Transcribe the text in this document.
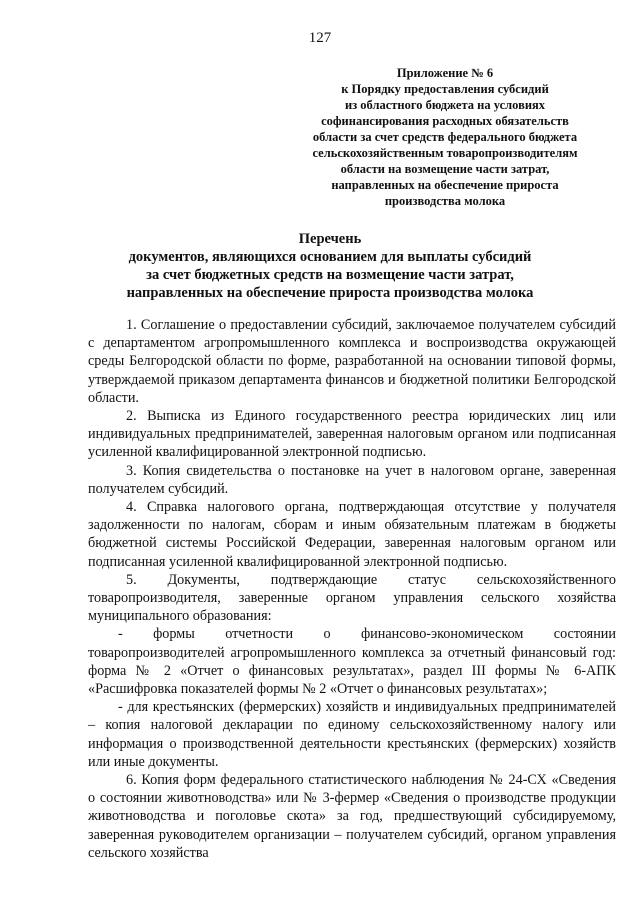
127
Приложение № 6
к Порядку предоставления субсидий
из областного бюджета на условиях
софинансирования расходных обязательств
области за счет средств федерального бюджета
сельскохозяйственным товаропроизводителям
области на возмещение части затрат,
направленных на обеспечение прироста
производства молока
Перечень
документов, являющихся основанием для выплаты субсидий
за счет бюджетных средств на возмещение части затрат,
направленных на обеспечение прироста производства молока

1. Соглашение о предоставлении субсидий, заключаемое получателем субсидий с департаментом агропромышленного комплекса и воспроизводства окружающей среды Белгородской области по форме, разработанной на основании типовой формы, утверждаемой приказом департамента финансов и бюджетной политики Белгородской области.

2. Выписка из Единого государственного реестра юридических лиц или индивидуальных предпринимателей, заверенная налоговым органом или подписанная усиленной квалифицированной электронной подписью.

3. Копия свидетельства о постановке на учет в налоговом органе, заверенная получателем субсидий.

4. Справка налогового органа, подтверждающая отсутствие у получателя задолженности по налогам, сборам и иным обязательным платежам в бюджеты бюджетной системы Российской Федерации, заверенная налоговым органом или подписанная усиленной квалифицированной электронной подписью.

5. Документы, подтверждающие статус сельскохозяйственного товаропроизводителя, заверенные органом управления сельского хозяйства муниципального образования:

- формы отчетности о финансово-экономическом состоянии товаропроизводителей агропромышленного комплекса за отчетный финансовый год: форма № 2 «Отчет о финансовых результатах», раздел III формы № 6-АПК «Расшифровка показателей формы № 2 «Отчет о финансовых результатах»;

- для крестьянских (фермерских) хозяйств и индивидуальных предпринимателей – копия налоговой декларации по единому сельскохозяйственному налогу или информация о производственной деятельности крестьянских (фермерских) хозяйств или иные документы.

6. Копия форм федерального статистического наблюдения № 24-СХ «Сведения о состоянии животноводства» или № 3-фермер «Сведения о производстве продукции животноводства и поголовье скота» за год, предшествующий субсидируемому, заверенная руководителем организации – получателем субсидий, органом управления сельского хозяйства
